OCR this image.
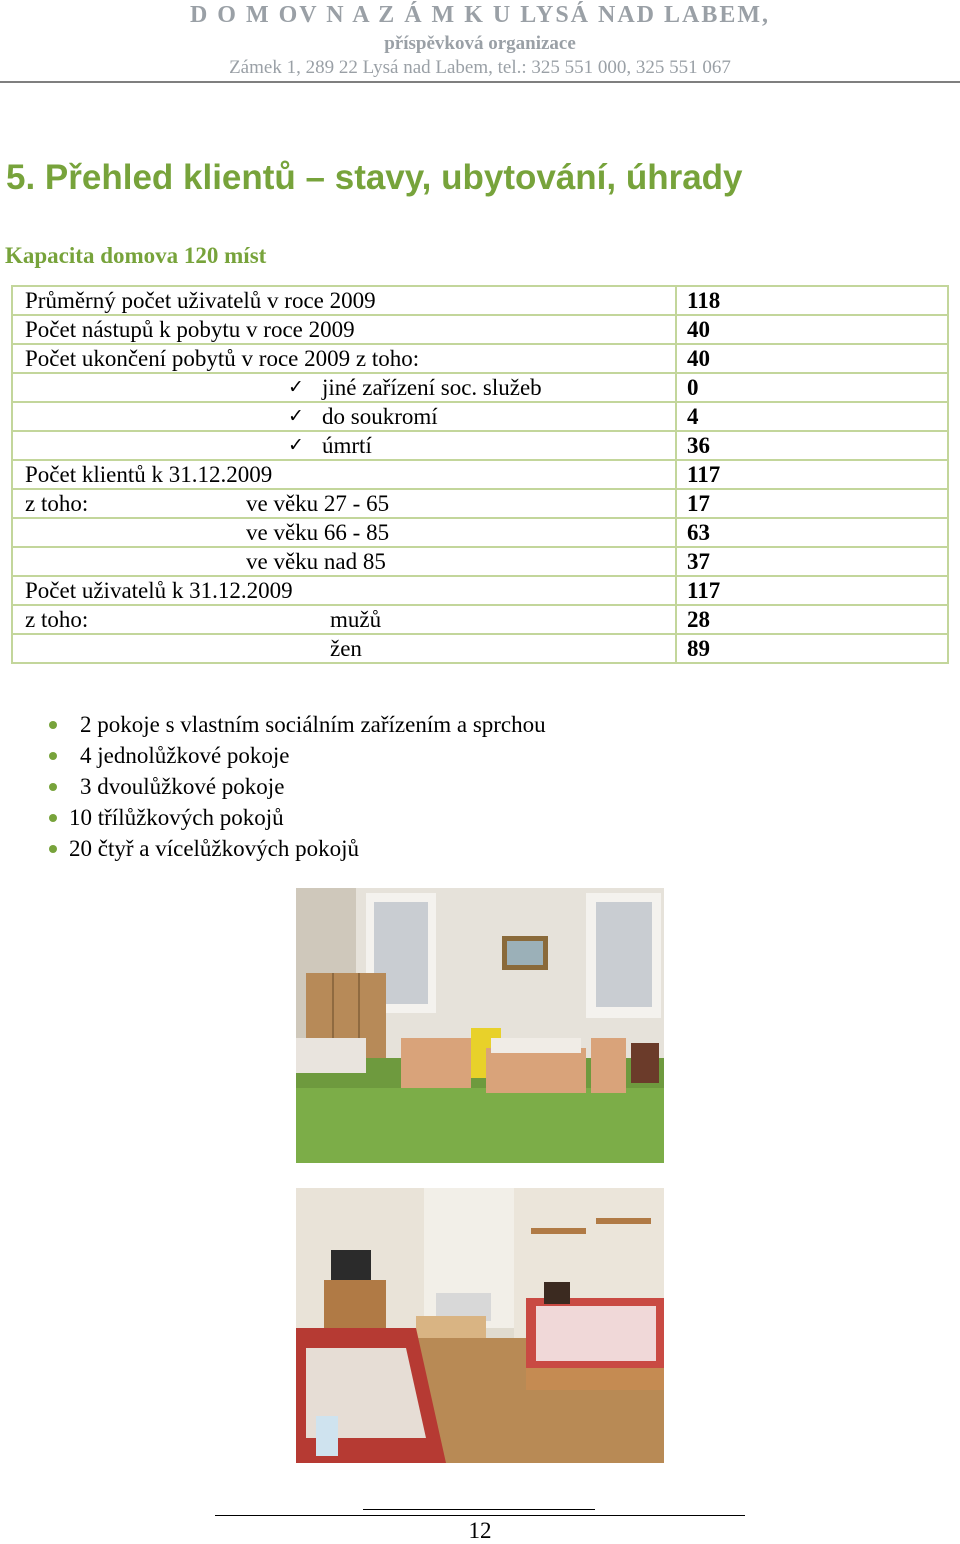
D O M OV N A Z Á M K U LYSÁ NAD LABEM,
příspěvková organizace
Zámek 1, 289 22 Lysá nad Labem, tel.: 325 551 000, 325 551 067
5. Přehled klientů – stavy, ubytování, úhrady
Kapacita domova 120 míst
Průměrný počet uživatelů v roce 2009	118

Počet nástupů k pobytu v roce 2009	40

Počet ukončení pobytů v roce 2009 z toho:	40

✓ jiné zařízení soc. služeb	0

✓ do soukromí	4

✓ úmrtí	36

Počet klientů k 31.12.2009	117

z toho: ve věku 27 - 65	17

ve věku 66 - 85	63

ve věku nad 85	37

Počet uživatelů k 31.12.2009	117

z toho: mužů	28

žen	89
2 pokoje s vlastním sociálním zařízením a sprchou
4 jednolůžkové pokoje
3 dvoulůžkové pokoje
10 třílůžkových pokojů
20 čtyř a vícelůžkových pokojů
12
